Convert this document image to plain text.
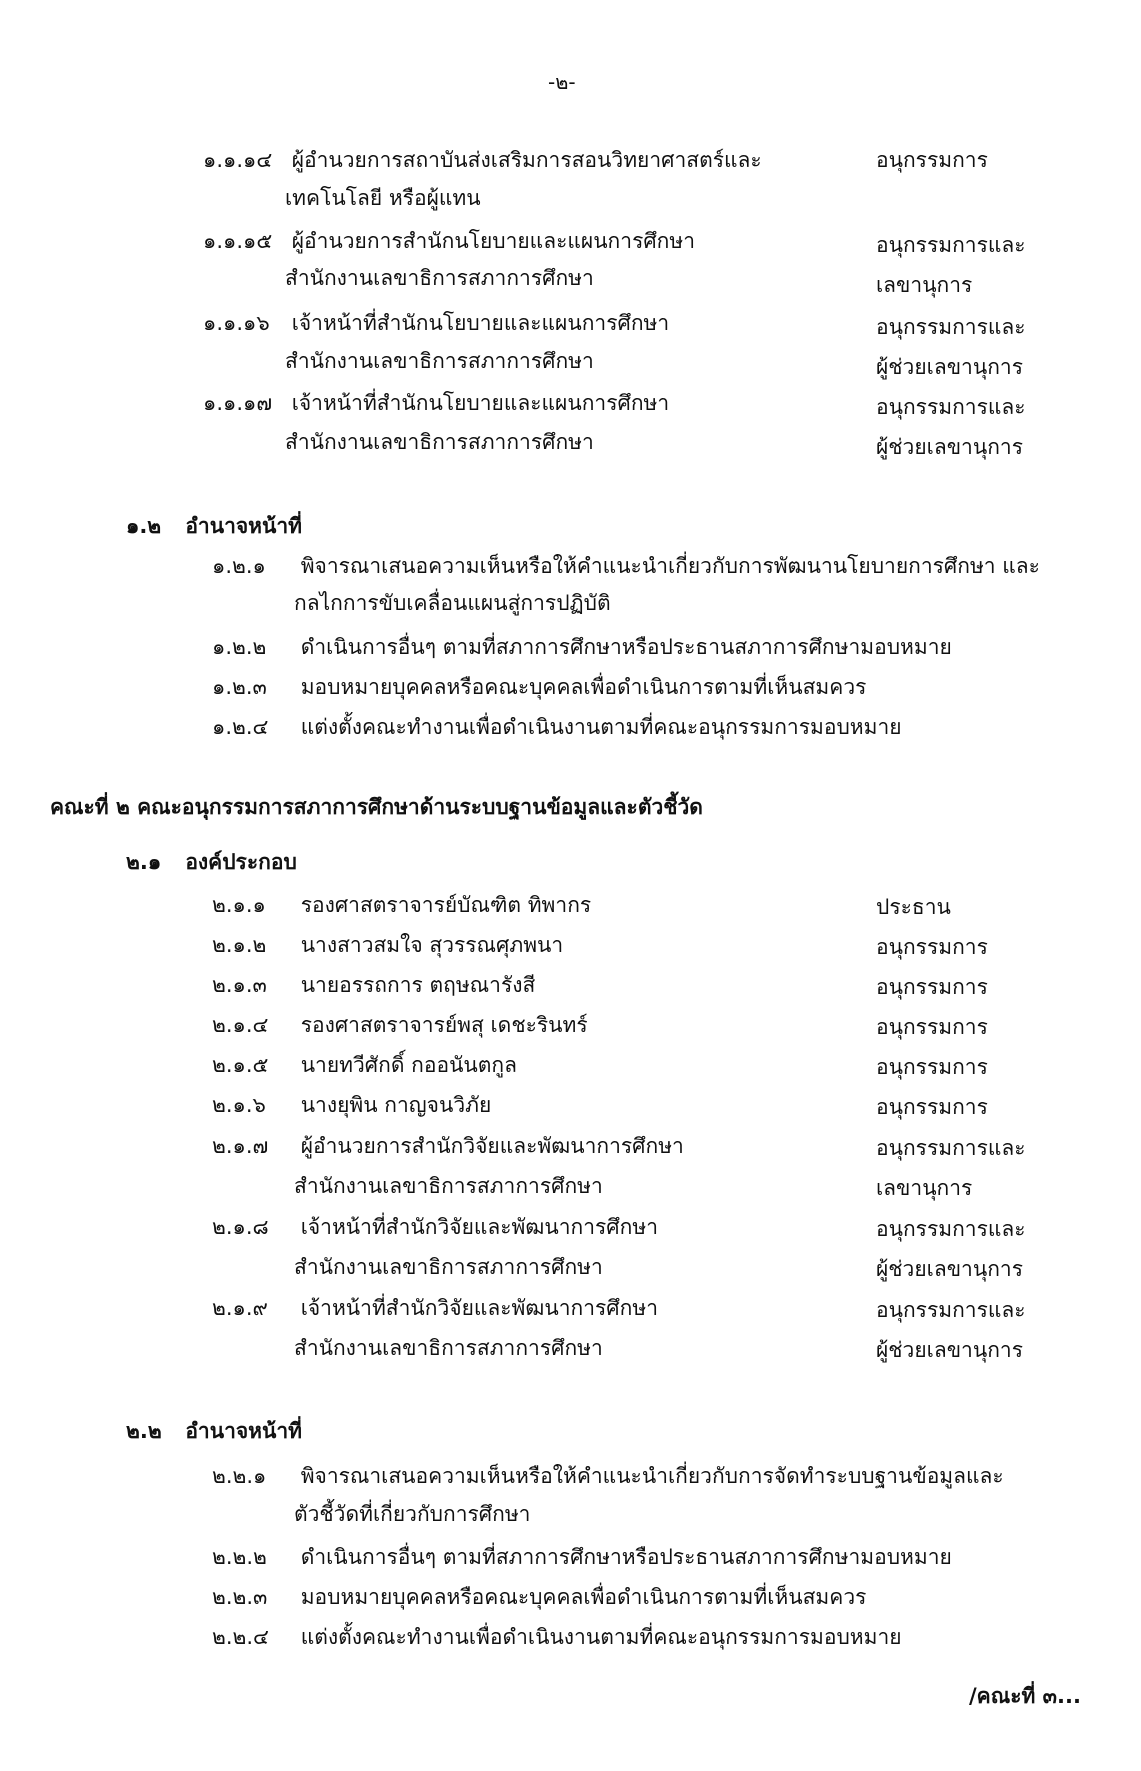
-๒-
๑.๑.๑๔ ผู้อำนวยการสถาบันส่งเสริมการสอนวิทยาศาสตร์และ	อนุกรรมการ
เทคโนโลยี หรือผู้แทน
๑.๑.๑๕ ผู้อำนวยการสำนักนโยบายและแผนการศึกษา	อนุกรรมการและ
สำนักงานเลขาธิการสภาการศึกษา	เลขานุการ
๑.๑.๑๖ เจ้าหน้าที่สำนักนโยบายและแผนการศึกษา	อนุกรรมการและ
สำนักงานเลขาธิการสภาการศึกษา	ผู้ช่วยเลขานุการ
๑.๑.๑๗ เจ้าหน้าที่สำนักนโยบายและแผนการศึกษา	อนุกรรมการและ
สำนักงานเลขาธิการสภาการศึกษา	ผู้ช่วยเลขานุการ
๑.๒ อำนาจหน้าที่
๑.๒.๑ พิจารณาเสนอความเห็นหรือให้คำแนะนำเกี่ยวกับการพัฒนานโยบายการศึกษา และ
กลไกการขับเคลื่อนแผนสู่การปฏิบัติ
๑.๒.๒ ดำเนินการอื่นๆ ตามที่สภาการศึกษาหรือประธานสภาการศึกษามอบหมาย
๑.๒.๓ มอบหมายบุคคลหรือคณะบุคคลเพื่อดำเนินการตามที่เห็นสมควร
๑.๒.๔ แต่งตั้งคณะทำงานเพื่อดำเนินงานตามที่คณะอนุกรรมการมอบหมาย
คณะที่ ๒ คณะอนุกรรมการสภาการศึกษาด้านระบบฐานข้อมูลและตัวชี้วัด
๒.๑ องค์ประกอบ
๒.๑.๑ รองศาสตราจารย์บัณฑิต ทิพากร	ประธาน
๒.๑.๒ นางสาวสมใจ สุวรรณศุภพนา	อนุกรรมการ
๒.๑.๓ นายอรรถการ ตฤษณารังสี	อนุกรรมการ
๒.๑.๔ รองศาสตราจารย์พสุ เดชะรินทร์	อนุกรรมการ
๒.๑.๕ นายทวีศักดิ์ กออนันตกูล	อนุกรรมการ
๒.๑.๖ นางยุพิน กาญจนวิภัย	อนุกรรมการ
๒.๑.๗ ผู้อำนวยการสำนักวิจัยและพัฒนาการศึกษา	อนุกรรมการและ
สำนักงานเลขาธิการสภาการศึกษา	เลขานุการ
๒.๑.๘ เจ้าหน้าที่สำนักวิจัยและพัฒนาการศึกษา	อนุกรรมการและ
สำนักงานเลขาธิการสภาการศึกษา	ผู้ช่วยเลขานุการ
๒.๑.๙ เจ้าหน้าที่สำนักวิจัยและพัฒนาการศึกษา	อนุกรรมการและ
สำนักงานเลขาธิการสภาการศึกษา	ผู้ช่วยเลขานุการ
๒.๒ อำนาจหน้าที่
๒.๒.๑ พิจารณาเสนอความเห็นหรือให้คำแนะนำเกี่ยวกับการจัดทำระบบฐานข้อมูลและ
ตัวชี้วัดที่เกี่ยวกับการศึกษา
๒.๒.๒ ดำเนินการอื่นๆ ตามที่สภาการศึกษาหรือประธานสภาการศึกษามอบหมาย
๒.๒.๓ มอบหมายบุคคลหรือคณะบุคคลเพื่อดำเนินการตามที่เห็นสมควร
๒.๒.๔ แต่งตั้งคณะทำงานเพื่อดำเนินงานตามที่คณะอนุกรรมการมอบหมาย
/คณะที่ ๓...
